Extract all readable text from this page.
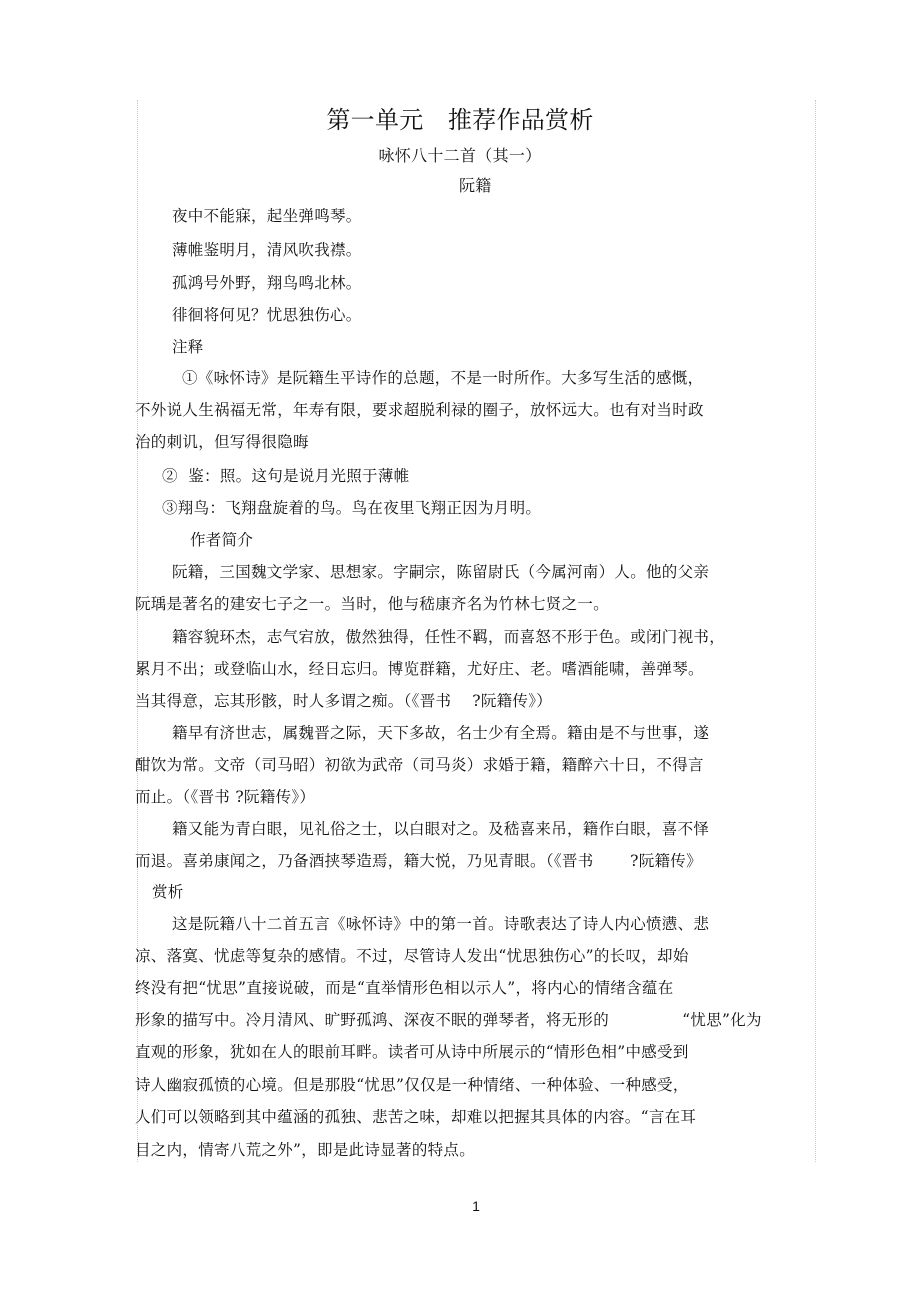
第一单元　推荐作品赏析
咏怀八十二首（其一）
阮籍
夜中不能寐，起坐弹鸣琴。
薄帷鉴明月，清风吹我襟。
孤鸿号外野，翔鸟鸣北林。
徘徊将何见？忧思独伤心。
注释
①《咏怀诗》是阮籍生平诗作的总题，不是一时所作。大多写生活的感慨，
不外说人生祸福无常，年寿有限，要求超脱利禄的圈子，放怀远大。也有对当时政
治的刺讥，但写得很隐晦
②  鉴：照。这句是说月光照于薄帷
③翔鸟：飞翔盘旋着的鸟。鸟在夜里飞翔正因为月明。
作者简介
阮籍，三国魏文学家、思想家。字嗣宗，陈留尉氏（今属河南）人。他的父亲
阮瑀是著名的建安七子之一。当时，他与嵇康齐名为竹林七贤之一。
籍容貌环杰，志气宕放，傲然独得，任性不羁，而喜怒不形于色。或闭门视书，
累月不出；或登临山水，经日忘归。博览群籍，尤好庄、老。嗜酒能啸，善弹琴。
当其得意，忘其形骸，时人多谓之痴。（《晋书    ?阮籍传》）
籍早有济世志，属魏晋之际，天下多故，名士少有全焉。籍由是不与世事，遂
酣饮为常。文帝（司马昭）初欲为武帝（司马炎）求婚于籍，籍醉六十日，不得言
而止。（《晋书 ?阮籍传》）
籍又能为青白眼，见礼俗之士，以白眼对之。及嵇喜来吊，籍作白眼，喜不怿
而退。喜弟康闻之，乃备酒挟琴造焉，籍大悦，乃见青眼。（《晋书       ?阮籍传》
赏析
这是阮籍八十二首五言《咏怀诗》中的第一首。诗歌表达了诗人内心愤懑、悲
凉、落寞、忧虑等复杂的感情。不过，尽管诗人发出“忧思独伤心”的长叹，却始
终没有把“忧思”直接说破，而是“直举情形色相以示人”，将内心的情绪含蕴在
形象的描写中。冷月清风、旷野孤鸿、深夜不眠的弹琴者，将无形的              “忧思”化为
直观的形象，犹如在人的眼前耳畔。读者可从诗中所展示的“情形色相”中感受到
诗人幽寂孤愤的心境。但是那股“忧思”仅仅是一种情绪、一种体验、一种感受，
人们可以领略到其中蕴涵的孤独、悲苦之味，却难以把握其具体的内容。“言在耳
目之内，情寄八荒之外”，即是此诗显著的特点。
1
